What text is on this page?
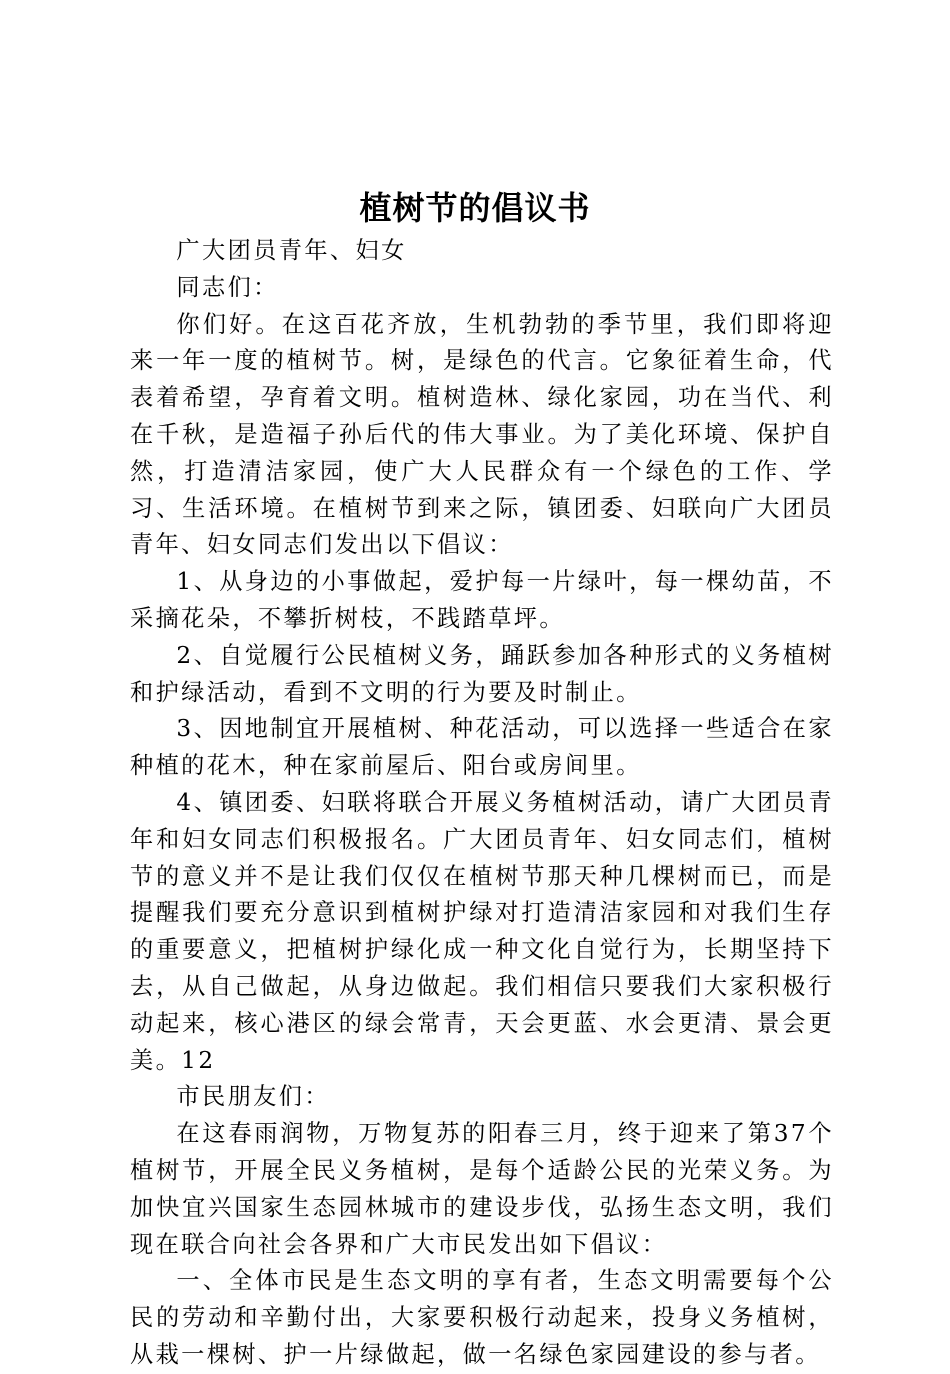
植树节的倡议书

广大团员青年、妇女

同志们：

你们好。在这百花齐放，生机勃勃的季节里，我们即将迎来一年一度的植树节。树，是绿色的代言。它象征着生命，代表着希望，孕育着文明。植树造林、绿化家园，功在当代、利在千秋，是造福子孙后代的伟大事业。为了美化环境、保护自然，打造清洁家园，使广大人民群众有一个绿色的工作、学习、生活环境。在植树节到来之际，镇团委、妇联向广大团员青年、妇女同志们发出以下倡议：

1、从身边的小事做起，爱护每一片绿叶，每一棵幼苗，不采摘花朵，不攀折树枝，不践踏草坪。

2、自觉履行公民植树义务，踊跃参加各种形式的义务植树和护绿活动，看到不文明的行为要及时制止。

3、因地制宜开展植树、种花活动，可以选择一些适合在家种植的花木，种在家前屋后、阳台或房间里。

4、镇团委、妇联将联合开展义务植树活动，请广大团员青年和妇女同志们积极报名。广大团员青年、妇女同志们，植树节的意义并不是让我们仅仅在植树节那天种几棵树而已，而是提醒我们要充分意识到植树护绿对打造清洁家园和对我们生存的重要意义，把植树护绿化成一种文化自觉行为，长期坚持下去，从自己做起，从身边做起。我们相信只要我们大家积极行动起来，核心港区的绿会常青，天会更蓝、水会更清、景会更美。12

市民朋友们：

在这春雨润物，万物复苏的阳春三月，终于迎来了第37个植树节，开展全民义务植树，是每个适龄公民的光荣义务。为加快宜兴国家生态园林城市的建设步伐，弘扬生态文明，我们现在联合向社会各界和广大市民发出如下倡议：

一、全体市民是生态文明的享有者，生态文明需要每个公民的劳动和辛勤付出，大家要积极行动起来，投身义务植树，从栽一棵树、护一片绿做起，做一名绿色家园建设的参与者。
